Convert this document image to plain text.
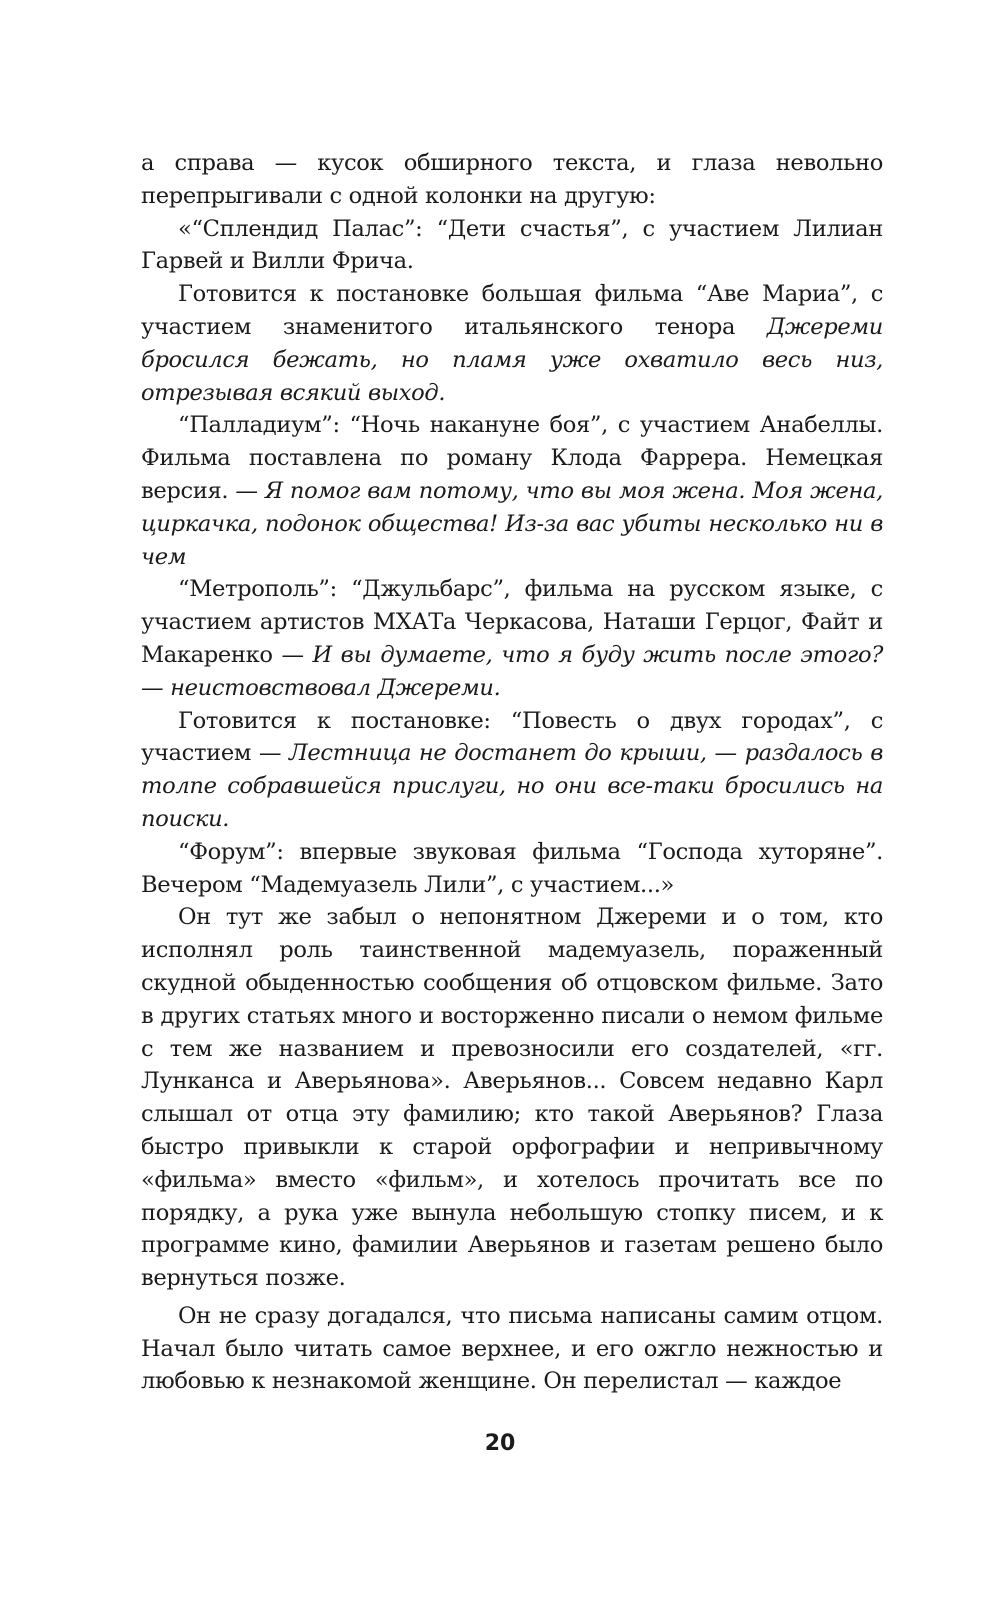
а справа — кусок обширного текста, и глаза невольно перепрыгивали с одной колонки на другую:

«“Сплендид Палас”: “Дети счастья”, с участием Лилиан Гарвей и Вилли Фрича.

Готовится к постановке большая фильма “Аве Мариа”, с участием знаменитого итальянского тенора Джереми бросился бежать, но пламя уже охватило весь низ, отрезывая всякий выход.

“Палладиум”: “Ночь накануне боя”, с участием Анабеллы. Фильма поставлена по роману Клода Фаррера. Немецкая версия. — Я помог вам потому, что вы моя жена. Моя жена, циркачка, подонок общества! Из-за вас убиты несколько ни в чем

“Метрополь”: “Джульбарс”, фильма на русском языке, с участием артистов МХАТа Черкасова, Наташи Герцог, Файт и Макаренко — И вы думаете, что я буду жить после этого? — неистовствовал Джереми.

Готовится к постановке: “Повесть о двух городах”, с участием — Лестница не достанет до крыши, — раздалось в толпе собравшейся прислуги, но они все-таки бросились на поиски.

“Форум”: впервые звуковая фильма “Господа хуторяне”. Вечером “Мадемуазель Лили”, с участием...»

Он тут же забыл о непонятном Джереми и о том, кто исполнял роль таинственной мадемуазель, пораженный скудной обыденностью сообщения об отцовском фильме. Зато в других статьях много и восторженно писали о немом фильме с тем же названием и превозносили его создателей, «гг. Лунканса и Аверьянова». Аверьянов... Совсем недавно Карл слышал от отца эту фамилию; кто такой Аверьянов? Глаза быстро привыкли к старой орфографии и непривычному «фильма» вместо «фильм», и хотелось прочитать все по порядку, а рука уже вынула небольшую стопку писем, и к программе кино, фамилии Аверьянов и газетам решено было вернуться позже.

Он не сразу догадался, что письма написаны самим отцом. Начал было читать самое верхнее, и его ожгло нежностью и любовью к незнакомой женщине. Он перелистал — каждое

20
